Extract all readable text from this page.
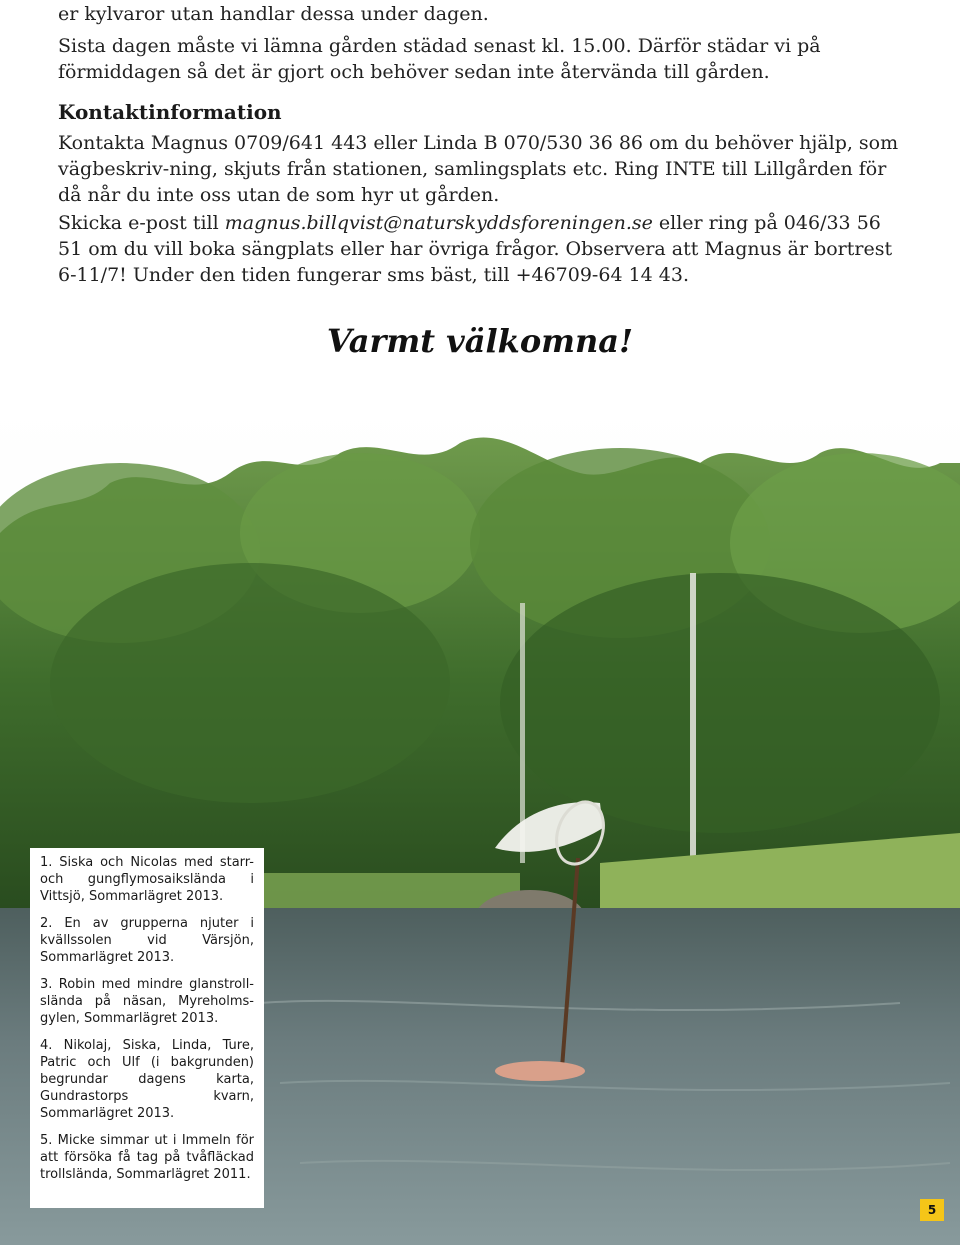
er kylvaror utan handlar dessa under dagen.

Sista dagen måste vi lämna gården städad senast kl. 15.00. Därför städar vi på förmiddagen så det är gjort och behöver sedan inte återvända till gården.

Kontaktinformation

Kontakta Magnus 0709/641 443 eller Linda B 070/530 36 86 om du behöver hjälp, som vägbeskriv-ning, skjuts från stationen, samlingsplats etc. Ring INTE till Lillgården för då når du inte oss utan de som hyr ut gården.

Skicka e-post till magnus.billqvist@naturskyddsforeningen.se eller ring på 046/33 56 51 om du vill boka sängplats eller har övriga frågor. Observera att Magnus är bortrest 6-11/7! Under den tiden fungerar sms bäst, till +46709-64 14 43.

Varmt välkomna!

1. Siska och Nicolas med starr-och gungflymosaikslända i Vittsjö, Sommarlägret 2013.

2. En av grupperna njuter i kvällssolen vid Värsjön, Sommarlägret 2013.

3. Robin med mindre glanstroll-slända på näsan, Myreholms-gylen, Sommarlägret 2013.

4. Nikolaj, Siska, Linda, Ture, Patric och Ulf (i bakgrunden) begrundar dagens karta, Gundrastorps kvarn, Sommarlägret 2013.

5. Micke simmar ut i Immeln för att försöka få tag på tvåfläckad trollslända, Sommarlägret 2011.

5
